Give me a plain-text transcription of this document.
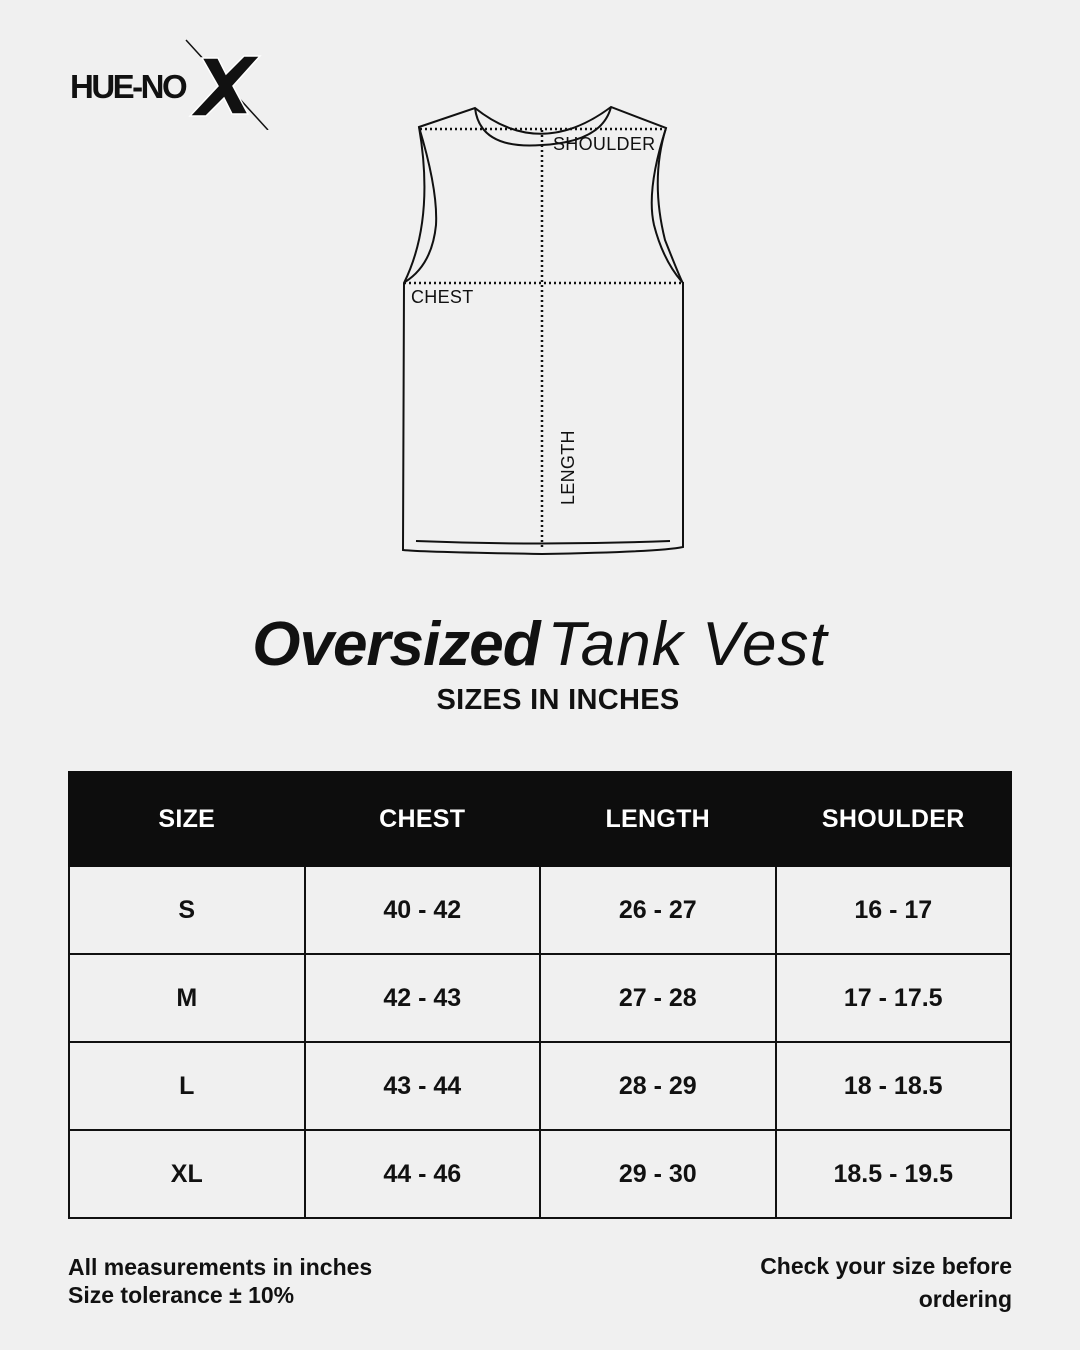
HUE-NO
SHOULDER
CHEST
LENGTH
Oversized Tank Vest
SIZES IN INCHES
SIZE	CHEST	LENGTH	SHOULDER
S	40 - 42	26 - 27	16 - 17
M	42 - 43	27 - 28	17 - 17.5
L	43 - 44	28 - 29	18 - 18.5
XL	44 - 46	29 - 30	18.5 - 19.5
All measurements in inches
Size tolerance ± 10%
Check your size before ordering
